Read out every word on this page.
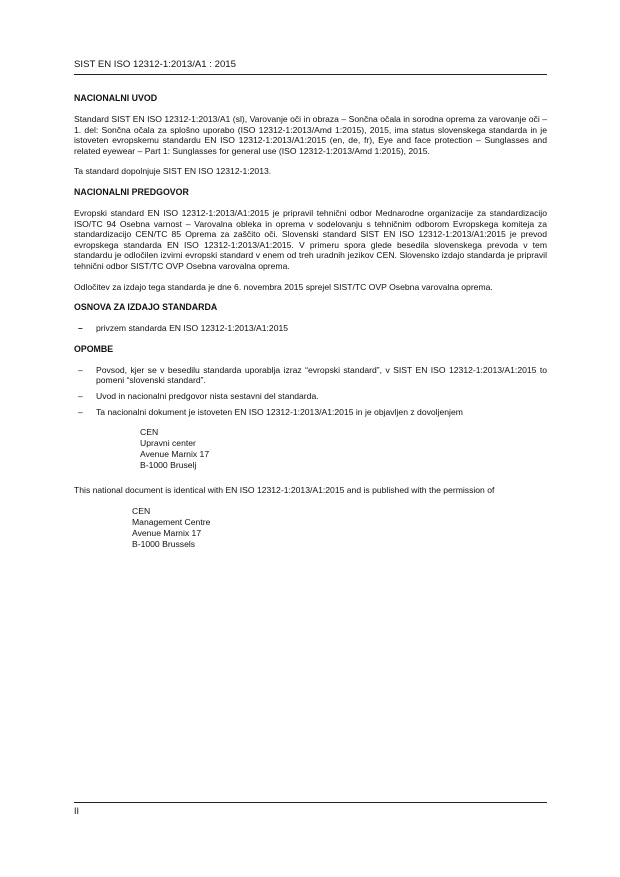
SIST EN ISO 12312-1:2013/A1 : 2015
NACIONALNI UVOD

Standard SIST EN ISO 12312-1:2013/A1 (sl), Varovanje oči in obraza – Sončna očala in sorodna oprema za varovanje oči – 1. del: Sončna očala za splošno uporabo (ISO 12312-1:2013/Amd 1:2015), 2015, ima status slovenskega standarda in je istoveten evropskemu standardu EN ISO 12312-1:2013/A1:2015 (en, de, fr), Eye and face protection – Sunglasses and related eyewear – Part 1: Sunglasses for general use (ISO 12312-1:2013/Amd 1:2015), 2015.

Ta standard dopolnjuje SIST EN ISO 12312-1:2013.

NACIONALNI PREDGOVOR

Evropski standard EN ISO 12312-1:2013/A1:2015 je pripravil tehnični odbor Mednarodne organizacije za standardizacijo ISO/TC 94 Osebna varnost – Varovalna obleka in oprema v sodelovanju s tehničnim odborom Evropskega komiteja za standardizacijo CEN/TC 85 Oprema za zaščito oči. Slovenski standard SIST EN ISO 12312-1:2013/A1:2015 je prevod evropskega standarda EN ISO 12312-1:2013/A1:2015. V primeru spora glede besedila slovenskega prevoda v tem standardu je odločilen izvirni evropski standard v enem od treh uradnih jezikov CEN. Slovensko izdajo standarda je pripravil tehnični odbor SIST/TC OVP Osebna varovalna oprema.

Odločitev za izdajo tega standarda je dne 6. novembra 2015 sprejel SIST/TC OVP Osebna varovalna oprema.

OSNOVA ZA IZDAJO STANDARDA
– privzem standarda EN ISO 12312-1:2013/A1:2015
OPOMBE
– Povsod, kjer se v besedilu standarda uporablja izraz “evropski standard”, v SIST EN ISO 12312-1:2013/A1:2015 to pomeni “slovenski standard”.
– Uvod in nacionalni predgovor nista sestavni del standarda.
– Ta nacionalni dokument je istoveten EN ISO 12312-1:2013/A1:2015 in je objavljen z dovoljenjem
CEN
Upravni center
Avenue Marnix 17
B-1000 Bruselj

This national document is identical with EN ISO 12312-1:2013/A1:2015 and is published with the permission of

CEN
Management Centre
Avenue Marnix 17
B-1000 Brussels
II
